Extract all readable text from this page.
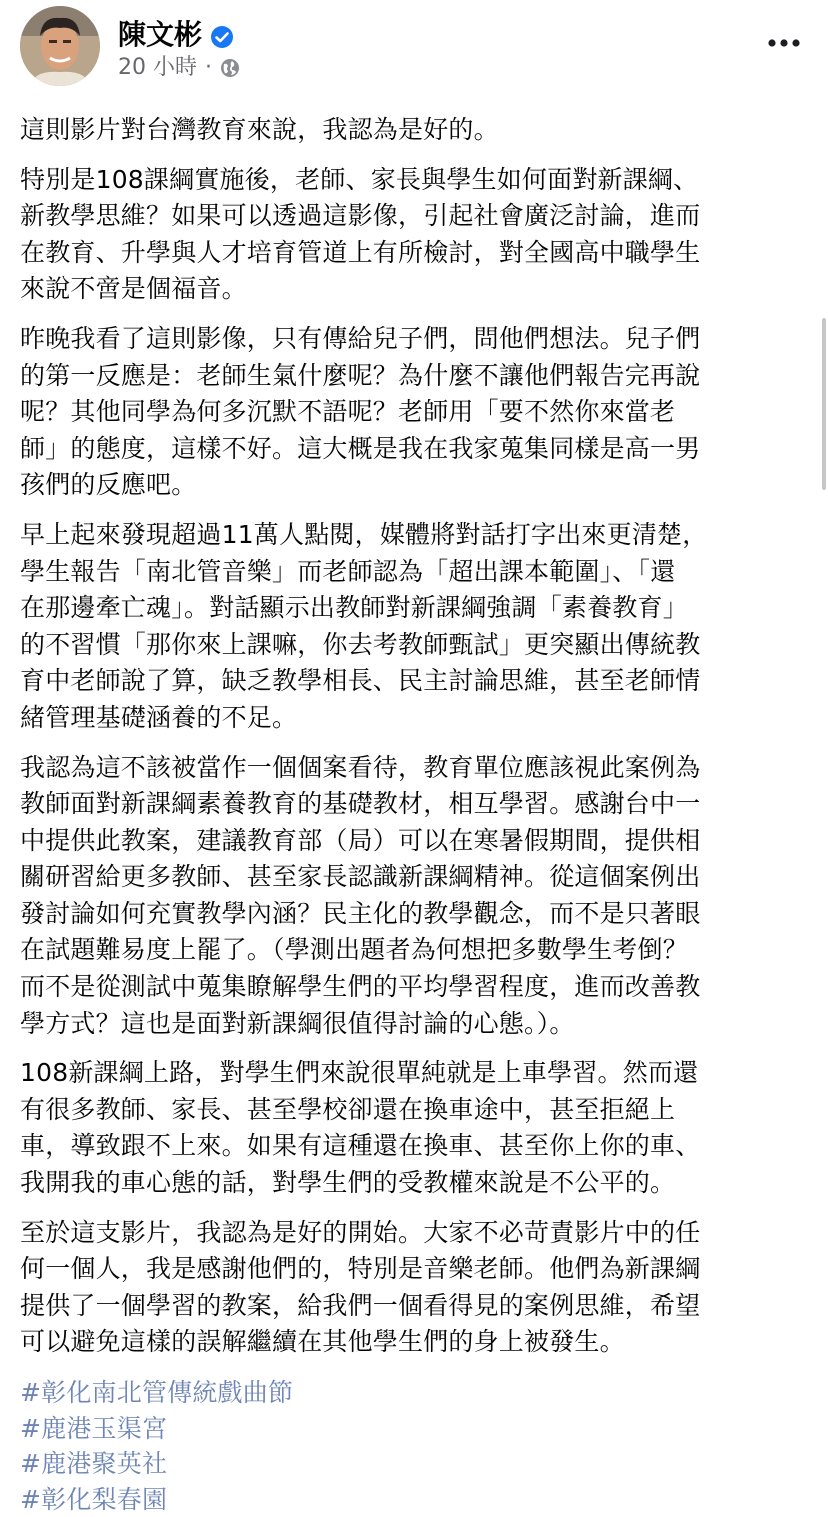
陳文彬
20 小時 ·

這則影片對台灣教育來說，我認為是好的。

特別是108課綱實施後，老師、家長與學生如何面對新課綱、
新教學思維？如果可以透過這影像，引起社會廣泛討論，進而
在教育、升學與人才培育管道上有所檢討，對全國高中職學生
來說不啻是個福音。

昨晚我看了這則影像，只有傳給兒子們，問他們想法。兒子們
的第一反應是：老師生氣什麼呢？為什麼不讓他們報告完再說
呢？其他同學為何多沉默不語呢？老師用「要不然你來當老
師」的態度，這樣不好。這大概是我在我家蒐集同樣是高一男
孩們的反應吧。

早上起來發現超過11萬人點閱，媒體將對話打字出來更清楚，
學生報告「南北管音樂」而老師認為「超出課本範圍」、「還
在那邊牽亡魂」。對話顯示出教師對新課綱強調「素養教育」
的不習慣「那你來上課嘛，你去考教師甄試」更突顯出傳統教
育中老師說了算，缺乏教學相長、民主討論思維，甚至老師情
緒管理基礎涵養的不足。

我認為這不該被當作一個個案看待，教育單位應該視此案例為
教師面對新課綱素養教育的基礎教材，相互學習。感謝台中一
中提供此教案，建議教育部（局）可以在寒暑假期間，提供相
關研習給更多教師、甚至家長認識新課綱精神。從這個案例出
發討論如何充實教學內涵？民主化的教學觀念，而不是只著眼
在試題難易度上罷了。（學測出題者為何想把多數學生考倒？
而不是從測試中蒐集瞭解學生們的平均學習程度，進而改善教
學方式？這也是面對新課綱很值得討論的心態。）。

108新課綱上路，對學生們來說很單純就是上車學習。然而還
有很多教師、家長、甚至學校卻還在換車途中，甚至拒絕上
車，導致跟不上來。如果有這種還在換車、甚至你上你的車、
我開我的車心態的話，對學生們的受教權來說是不公平的。

至於這支影片，我認為是好的開始。大家不必苛責影片中的任
何一個人，我是感謝他們的，特別是音樂老師。他們為新課綱
提供了一個學習的教案，給我們一個看得見的案例思維，希望
可以避免這樣的誤解繼續在其他學生們的身上被發生。

#彰化南北管傳統戲曲節
#鹿港玉渠宮
#鹿港聚英社
#彰化梨春園
